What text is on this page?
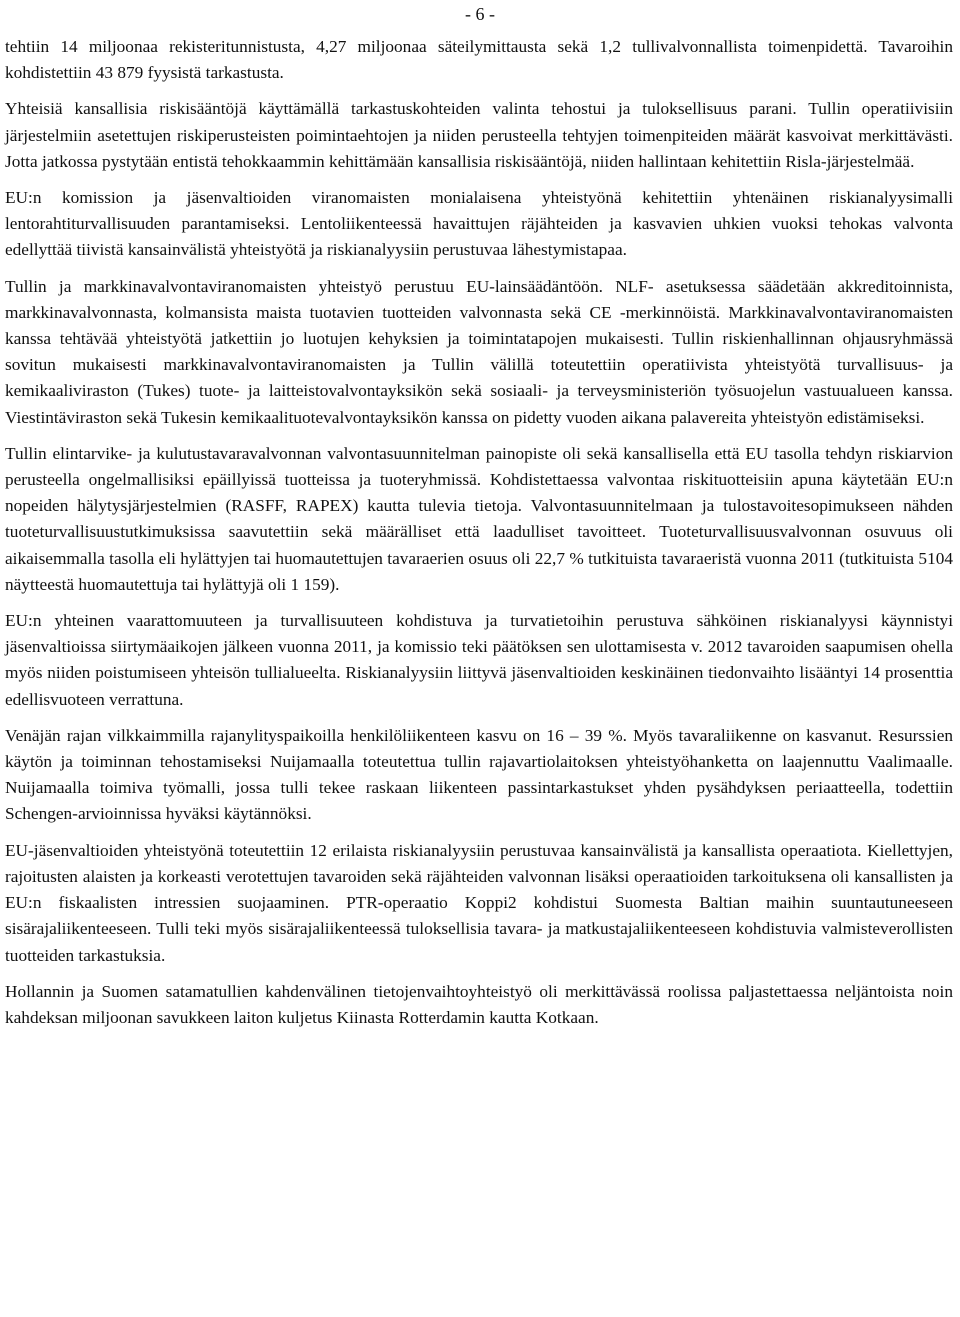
- 6 -

tehtiin 14 miljoonaa rekisteritunnistusta, 4,27 miljoonaa säteilymittausta sekä 1,2 tullivalvonnallista toimenpidettä. Tavaroihin kohdistettiin 43 879 fyysistä tarkastusta.

Yhteisiä kansallisia riskisääntöjä käyttämällä tarkastuskohteiden valinta tehostui ja tuloksellisuus parani. Tullin operatiivisiin järjestelmiin asetettujen riskiperusteisten poimintaehtojen ja niiden perusteella tehtyjen toimenpiteiden määrät kasvoivat merkittävästi. Jotta jatkossa pystytään entistä tehokkaammin kehittämään kansallisia riskisääntöjä, niiden hallintaan kehitettiin Risla-järjestelmää.

EU:n komission ja jäsenvaltioiden viranomaisten monialaisena yhteistyönä kehitettiin yhtenäinen riskianalyysimalli lentorahtiturvallisuuden parantamiseksi. Lentoliikenteessä havaittujen räjähteiden ja kasvavien uhkien vuoksi tehokas valvonta edellyttää tiivistä kansainvälistä yhteistyötä ja riskianalyysiin perustuvaa lähestymistapaa.

Tullin ja markkinavalvontaviranomaisten yhteistyö perustuu EU-lainsäädäntöön. NLF- asetuksessa säädetään akkreditoinnista, markkinavalvonnasta, kolmansista maista tuotavien tuotteiden valvonnasta sekä CE -merkinnöistä. Markkinavalvontaviranomaisten kanssa tehtävää yhteistyötä jatkettiin jo luotujen kehyksien ja toimintatapojen mukaisesti. Tullin riskienhallinnan ohjausryhmässä sovitun mukaisesti markkinavalvontaviranomaisten ja Tullin välillä toteutettiin operatiivista yhteistyötä turvallisuus- ja kemikaaliviraston (Tukes) tuote- ja laitteistovalvontayksikön sekä sosiaali- ja terveysministeriön työsuojelun vastuualueen kanssa. Viestintäviraston sekä Tukesin kemikaalituotevalvontayksikön kanssa on pidetty vuoden aikana palavereita yhteistyön edistämiseksi.

Tullin elintarvike- ja kulutustavaravalvonnan valvontasuunnitelman painopiste oli sekä kansallisella että EU tasolla tehdyn riskiarvion perusteella ongelmallisiksi epäillyissä tuotteissa ja tuoteryhmissä. Kohdistettaessa valvontaa riskituotteisiin apuna käytetään EU:n nopeiden hälytysjärjestelmien (RASFF, RAPEX) kautta tulevia tietoja. Valvontasuunnitelmaan ja tulostavoitesopimukseen nähden tuoteturvallisuustutkimuksissa saavutettiin sekä määrälliset että laadulliset tavoitteet. Tuoteturvallisuusvalvonnan osuvuus oli aikaisemmalla tasolla eli hylättyjen tai huomautettujen tavaraerien osuus oli 22,7 % tutkituista tavaraeristä vuonna 2011 (tutkituista 5104 näytteestä huomautettuja tai hylättyjä oli 1 159).

EU:n yhteinen vaarattomuuteen ja turvallisuuteen kohdistuva ja turvatietoihin perustuva sähköinen riskianalyysi käynnistyi jäsenvaltioissa siirtymäaikojen jälkeen vuonna 2011, ja komissio teki päätöksen sen ulottamisesta v. 2012 tavaroiden saapumisen ohella myös niiden poistumiseen yhteisön tullialueelta. Riskianalyysiin liittyvä jäsenvaltioiden keskinäinen tiedonvaihto lisääntyi 14 prosenttia edellisvuoteen verrattuna.

Venäjän rajan vilkkaimmilla rajanylityspaikoilla henkilöliikenteen kasvu on 16 – 39 %. Myös tavaraliikenne on kasvanut. Resurssien käytön ja toiminnan tehostamiseksi Nuijamaalla toteutettua tullin rajavartiolaitoksen yhteistyöhanketta on laajennuttu Vaalimaalle. Nuijamaalla toimiva työmalli, jossa tulli tekee raskaan liikenteen passintarkastukset yhden pysähdyksen periaatteella, todettiin Schengen-arvioinnissa hyväksi käytännöksi.

EU-jäsenvaltioiden yhteistyönä toteutettiin 12 erilaista riskianalyysiin perustuvaa kansainvälistä ja kansallista operaatiota. Kiellettyjen, rajoitusten alaisten ja korkeasti verotettujen tavaroiden sekä räjähteiden valvonnan lisäksi operaatioiden tarkoituksena oli kansallisten ja EU:n fiskaalisten intressien suojaaminen. PTR-operaatio Koppi2 kohdistui Suomesta Baltian maihin suuntautuneeseen sisärajaliikenteeseen. Tulli teki myös sisärajaliikenteessä tuloksellisia tavara- ja matkustajaliikenteeseen kohdistuvia valmisteverollisten tuotteiden tarkastuksia.

Hollannin ja Suomen satamatullien kahdenvälinen tietojenvaihtoyhteistyö oli merkittävässä roolissa paljastettaessa neljäntoista noin kahdeksan miljoonan savukkeen laiton kuljetus Kiinasta Rotterdamin kautta Kotkaan.
